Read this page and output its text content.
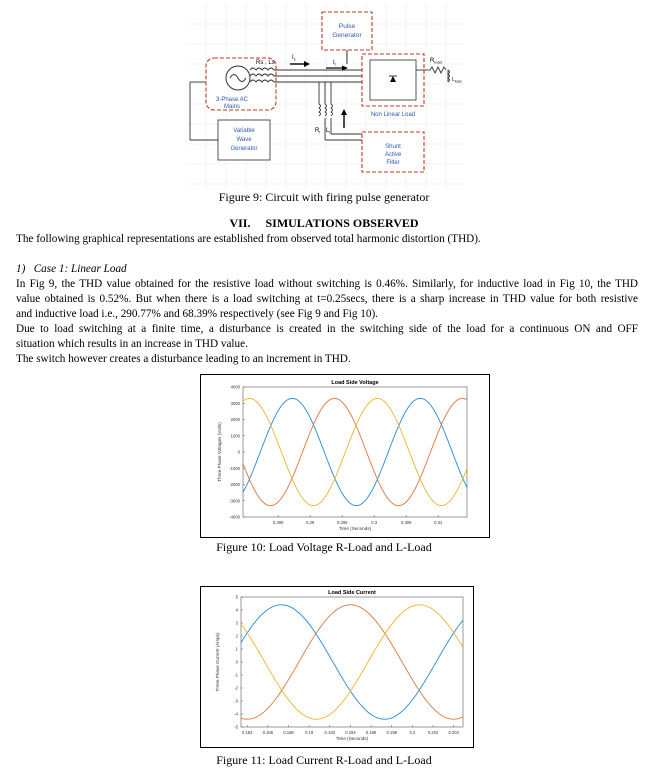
Pulse
Generator
3-Phase AC
Mains
Rs , Ls
$I_s$
$I_l$
Non Linear Load
$R_{load}$
$L_{load}$
$R_l$ $L_l$
Shunt
Active
Filter
Variable
Wave
Generator
Figure 9: Circuit with firing pulse generator
VII. SIMULATIONS OBSERVED
The following graphical representations are established from observed total harmonic distortion (THD).
1) Case 1: Linear Load
In Fig 9, the THD value obtained for the resistive load without switching is 0.46%. Similarly, for inductive load in Fig 10, the THD
value obtained is 0.52%. But when there is a load switching at t=0.25secs, there is a sharp increase in THD value for both resistive
and inductive load i.e., 290.77% and 68.39% respectively (see Fig 9 and Fig 10).
Due to load switching at a finite time, a disturbance is created in the switching side of the load for a continuous ON and OFF
situation which results in an increase in THD value.
The switch however creates a disturbance leading to an increment in THD.
Load Side Voltage
4000
3000
2000
1000
0
-1000
-2000
-3000
-4000
0.285	0.29	0.295	0.3	0.305	0.31
Time (Seconds)
Three Phase Voltages (Volts)
Figure 10: Load Voltage R-Load and L-Load
Load Side Current
5
4
3
2
1
0
-1
-2
-3
-4
-5
0.184 0.186 0.188	0.19	0.192 0.194 0.196 0.198	0.2	0.202 0.204
Time (Seconds)
Three Phase Current (Amps)
Figure 11: Load Current R-Load and L-Load
